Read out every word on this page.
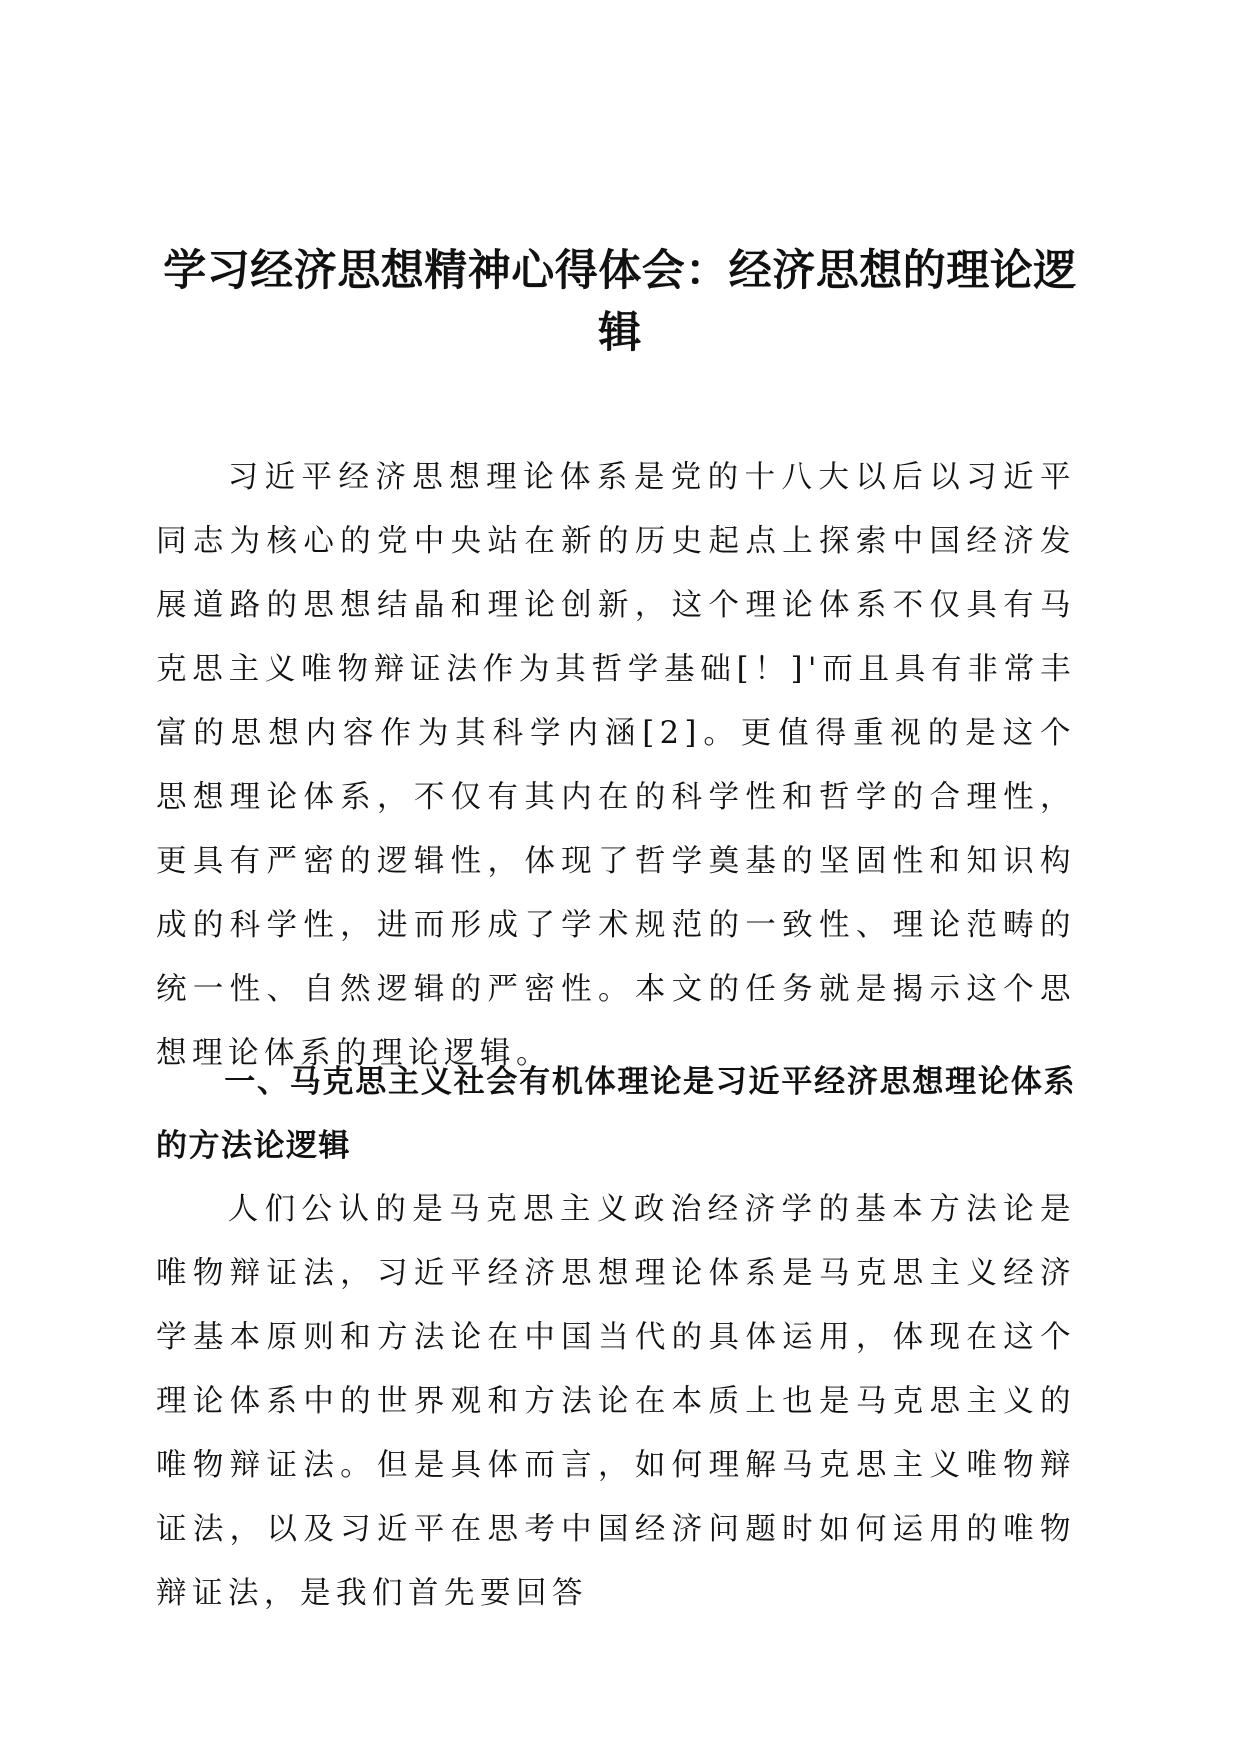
学习经济思想精神心得体会：经济思想的理论逻辑

习近平经济思想理论体系是党的十八大以后以习近平同志为核心的党中央站在新的历史起点上探索中国经济发展道路的思想结晶和理论创新，这个理论体系不仅具有马克思主义唯物辩证法作为其哲学基础[！]'而且具有非常丰富的思想内容作为其科学内涵[2]。更值得重视的是这个思想理论体系，不仅有其内在的科学性和哲学的合理性，更具有严密的逻辑性，体现了哲学奠基的坚固性和知识构成的科学性，进而形成了学术规范的一致性、理论范畴的统一性、自然逻辑的严密性。本文的任务就是揭示这个思想理论体系的理论逻辑。

一、马克思主义社会有机体理论是习近平经济思想理论体系的方法论逻辑

人们公认的是马克思主义政治经济学的基本方法论是唯物辩证法，习近平经济思想理论体系是马克思主义经济学基本原则和方法论在中国当代的具体运用，体现在这个理论体系中的世界观和方法论在本质上也是马克思主义的唯物辩证法。但是具体而言，如何理解马克思主义唯物辩证法，以及习近平在思考中国经济问题时如何运用的唯物辩证法，是我们首先要回答
